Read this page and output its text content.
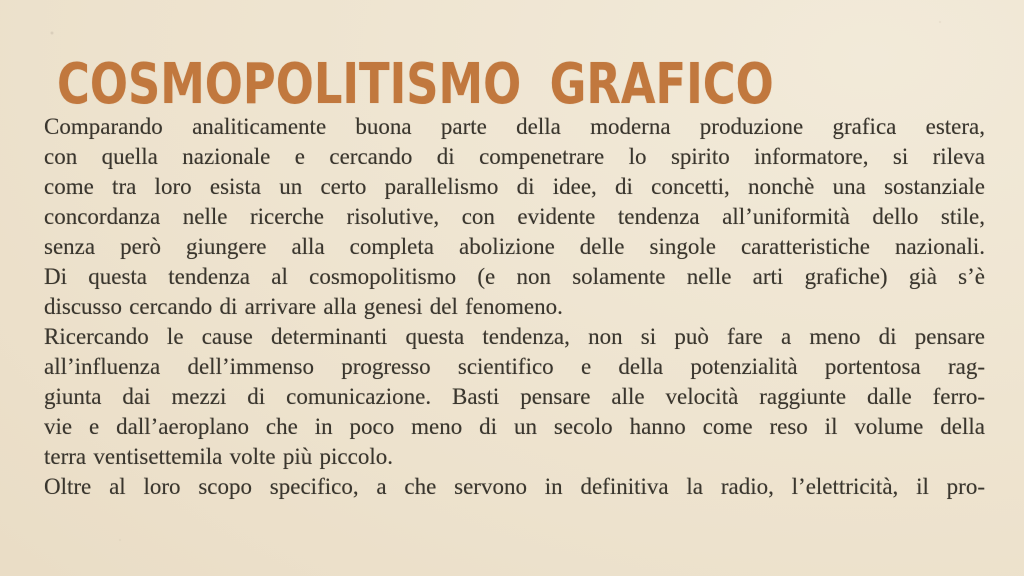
COSMOPOLITISMO GRAFICO
Comparando analiticamente buona parte della moderna produzione grafica estera,
con quella nazionale e cercando di compenetrare lo spirito informatore, si rileva
come tra loro esista un certo parallelismo di idee, di concetti, nonchè una sostanziale
concordanza nelle ricerche risolutive, con evidente tendenza all’uniformità dello stile,
senza però giungere alla completa abolizione delle singole caratteristiche nazionali.
Di questa tendenza al cosmopolitismo (e non solamente nelle arti grafiche) già s’è
discusso cercando di arrivare alla genesi del fenomeno.
Ricercando le cause determinanti questa tendenza, non si può fare a meno di pensare
all’influenza dell’immenso progresso scientifico e della potenzialità portentosa rag-
giunta dai mezzi di comunicazione. Basti pensare alle velocità raggiunte dalle ferro-
vie e dall’aeroplano che in poco meno di un secolo hanno come reso il volume della
terra ventisettemila volte più piccolo.
Oltre al loro scopo specifico, a che servono in definitiva la radio, l’elettricità, il pro-
